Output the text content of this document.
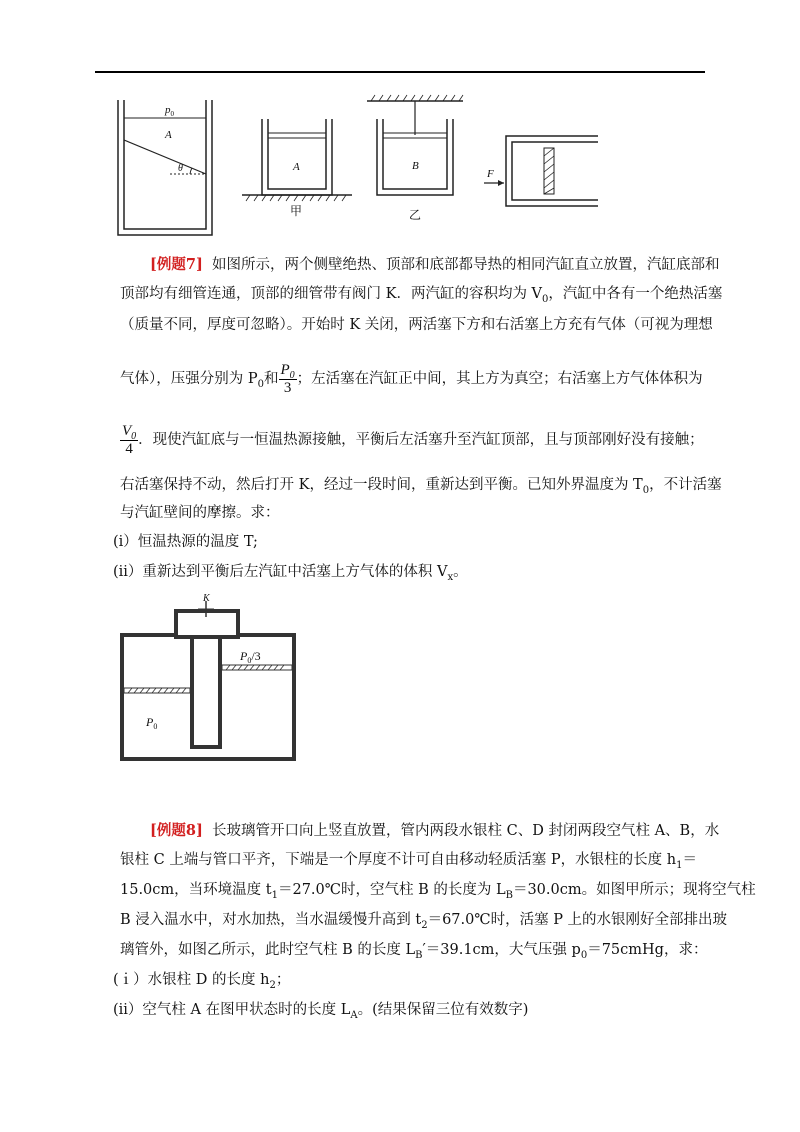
$p_0$
A
θ	A
甲
B
乙
F
[例题7] 如图所示，两个侧壁绝热、顶部和底部都导热的相同汽缸直立放置，汽缸底部和
顶部均有细管连通，顶部的细管带有阀门 K．两汽缸的容积均为 $V_0$，汽缸中各有一个绝热活塞
（质量不同，厚度可忽略）。开始时 K 关闭，两活塞下方和右活塞上方充有气体（可视为理想
气体），压强分别为 $P_0$和 $\frac{P_0}{3}$ ；左活塞在汽缸正中间，其上方为真空；右活塞上方气体体积为
$\frac{V_0}{4}$ ．现使汽缸底与一恒温热源接触，平衡后左活塞升至汽缸顶部，且与顶部刚好没有接触；
右活塞保持不动，然后打开 K，经过一段时间，重新达到平衡。已知外界温度为 $T_0$，不计活塞
与汽缸壁间的摩擦。求：
(i）恒温热源的温度 T;
(ii）重新达到平衡后左汽缸中活塞上方气体的体积 $V_x$。
K
$P_0/3$
$P_0$
[例题8] 长玻璃管开口向上竖直放置，管内两段水银柱 C、D 封闭两段空气柱 A、B，水
银柱 C 上端与管口平齐，下端是一个厚度不计可自由移动轻质活塞 P，水银柱的长度 $h_1=$
15.0cm，当环境温度 $t_1=27.0℃$时，空气柱 B 的长度为 $L_B=30.0cm$。如图甲所示；现将空气柱
B 浸入温水中，对水加热，当水温缓慢升高到 $t_2=67.0℃$时，活塞 P 上的水银刚好全部排出玻
璃管外，如图乙所示，此时空气柱 B 的长度 $L_B'=39.1cm$，大气压强 $p_0=75cmHg$，求：
(ｉ）水银柱 D 的长度 $h_2$；
(ii）空气柱 A 在图甲状态时的长度 $L_A$。(结果保留三位有效数字)
